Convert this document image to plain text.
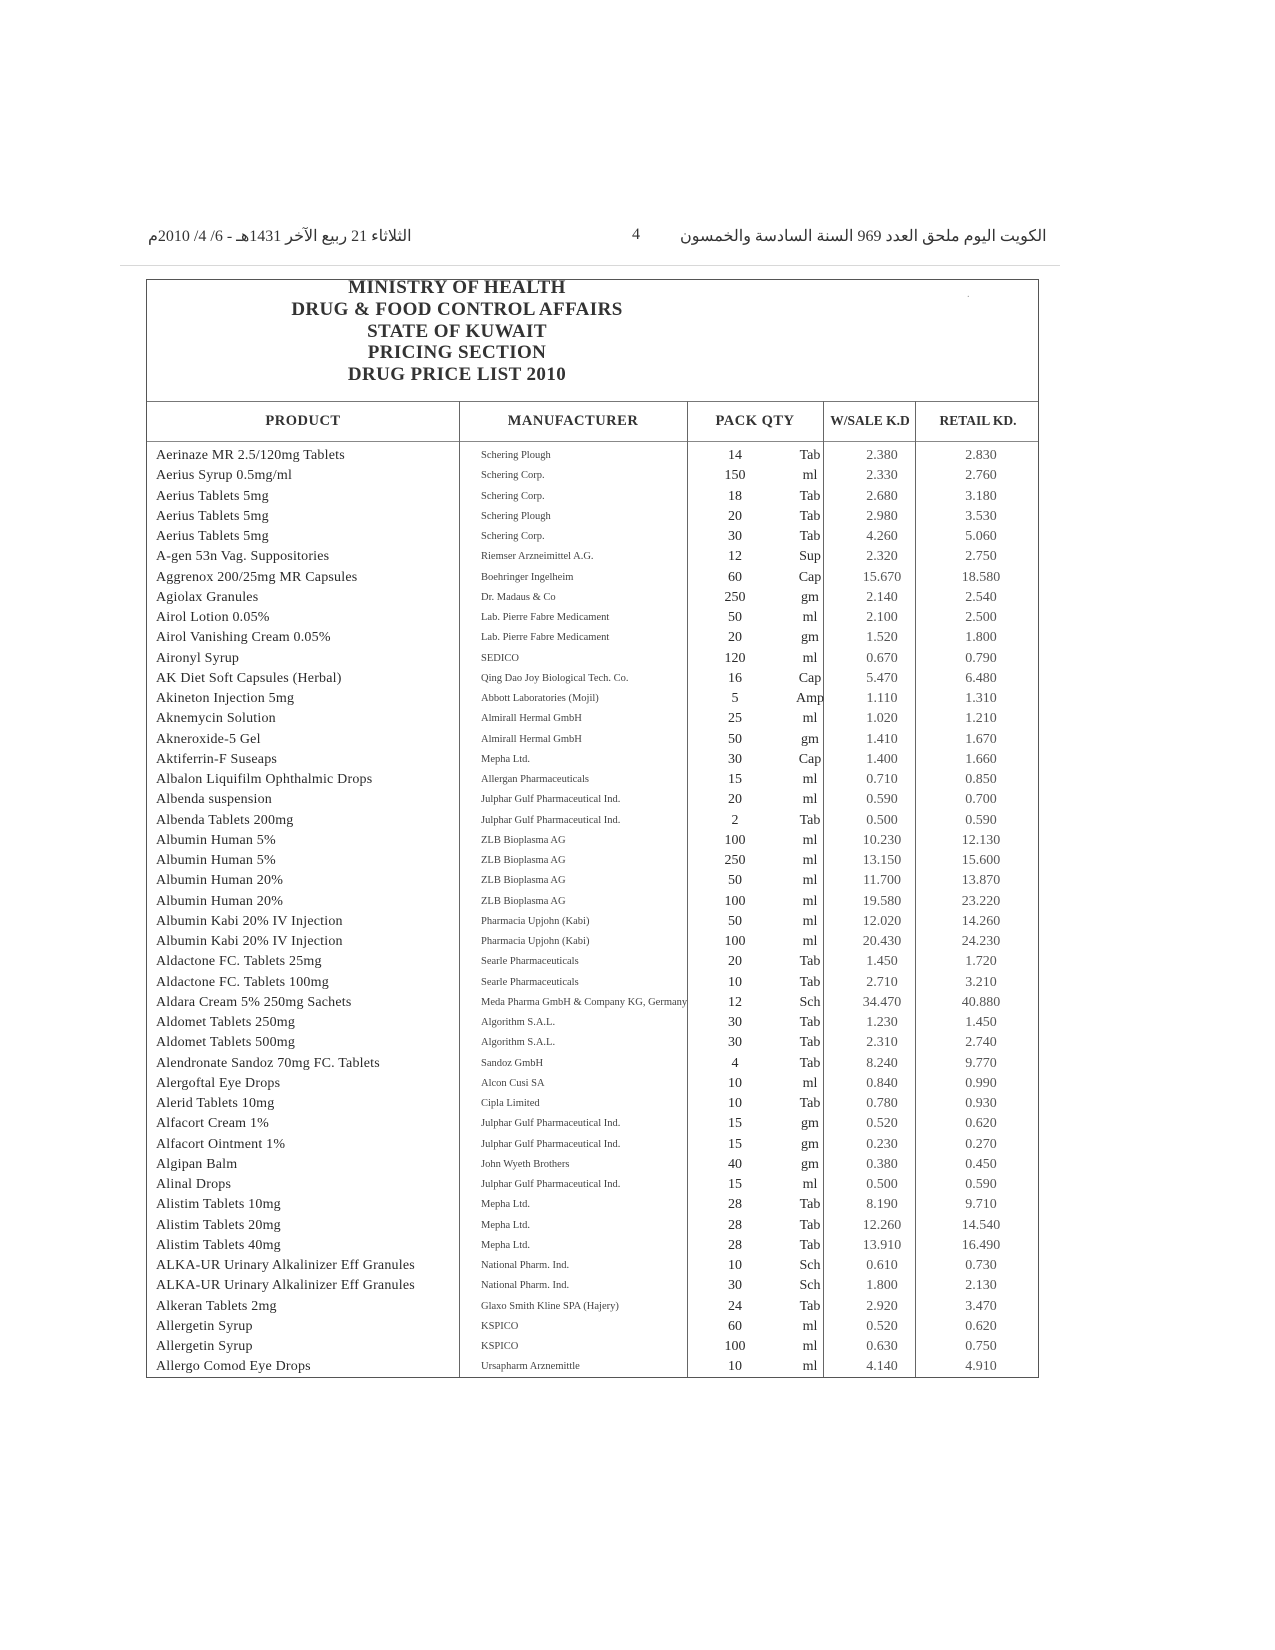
الثلاثاء 21 ربيع الآخر 1431هـ - 6/ 4/ 2010م	4	الكويت اليوم ملحق العدد 969 السنة السادسة والخمسون
MINISTRY OF HEALTH
DRUG & FOOD CONTROL AFFAIRS
STATE OF KUWAIT
PRICING SECTION
DRUG PRICE LIST 2010
·
PRODUCT	MANUFACTURER	PACK QTY	W/SALE K.D	RETAIL KD.
Aerinaze MR 2.5/120mg Tablets	Schering Plough	14	Tab	2.380	2.830
Aerius Syrup 0.5mg/ml	Schering Corp.	150	ml	2.330	2.760
Aerius Tablets 5mg	Schering Corp.	18	Tab	2.680	3.180
Aerius Tablets 5mg	Schering Plough	20	Tab	2.980	3.530
Aerius Tablets 5mg	Schering Corp.	30	Tab	4.260	5.060
A-gen 53n Vag. Suppositories	Riemser Arzneimittel A.G.	12	Sup	2.320	2.750
Aggrenox 200/25mg MR Capsules	Boehringer Ingelheim	60	Cap	15.670	18.580
Agiolax Granules	Dr. Madaus & Co	250	gm	2.140	2.540
Airol Lotion 0.05%	Lab. Pierre Fabre Medicament	50	ml	2.100	2.500
Airol Vanishing Cream 0.05%	Lab. Pierre Fabre Medicament	20	gm	1.520	1.800
Aironyl Syrup	SEDICO	120	ml	0.670	0.790
AK Diet Soft Capsules (Herbal)	Qing Dao Joy Biological Tech. Co.	16	Cap	5.470	6.480
Akineton Injection 5mg	Abbott Laboratories (Mojil)	5	Amp	1.110	1.310
Aknemycin Solution	Almirall Hermal GmbH	25	ml	1.020	1.210
Akneroxide-5 Gel	Almirall Hermal GmbH	50	gm	1.410	1.670
Aktiferrin-F Suseaps	Mepha Ltd.	30	Cap	1.400	1.660
Albalon Liquifilm Ophthalmic Drops	Allergan Pharmaceuticals	15	ml	0.710	0.850
Albenda suspension	Julphar Gulf Pharmaceutical Ind.	20	ml	0.590	0.700
Albenda Tablets 200mg	Julphar Gulf Pharmaceutical Ind.	2	Tab	0.500	0.590
Albumin Human 5%	ZLB Bioplasma AG	100	ml	10.230	12.130
Albumin Human 5%	ZLB Bioplasma AG	250	ml	13.150	15.600
Albumin Human 20%	ZLB Bioplasma AG	50	ml	11.700	13.870
Albumin Human 20%	ZLB Bioplasma AG	100	ml	19.580	23.220
Albumin Kabi 20% IV Injection	Pharmacia Upjohn (Kabi)	50	ml	12.020	14.260
Albumin Kabi 20% IV Injection	Pharmacia Upjohn (Kabi)	100	ml	20.430	24.230
Aldactone FC. Tablets 25mg	Searle Pharmaceuticals	20	Tab	1.450	1.720
Aldactone FC. Tablets 100mg	Searle Pharmaceuticals	10	Tab	2.710	3.210
Aldara Cream 5% 250mg Sachets	Meda Pharma GmbH & Company KG, Germany	12	Sch	34.470	40.880
Aldomet Tablets 250mg	Algorithm S.A.L.	30	Tab	1.230	1.450
Aldomet Tablets 500mg	Algorithm S.A.L.	30	Tab	2.310	2.740
Alendronate Sandoz 70mg FC. Tablets	Sandoz GmbH	4	Tab	8.240	9.770
Alergoftal Eye Drops	Alcon Cusi SA	10	ml	0.840	0.990
Alerid Tablets 10mg	Cipla Limited	10	Tab	0.780	0.930
Alfacort Cream 1%	Julphar Gulf Pharmaceutical Ind.	15	gm	0.520	0.620
Alfacort Ointment 1%	Julphar Gulf Pharmaceutical Ind.	15	gm	0.230	0.270
Algipan Balm	John Wyeth Brothers	40	gm	0.380	0.450
Alinal Drops	Julphar Gulf Pharmaceutical Ind.	15	ml	0.500	0.590
Alistim Tablets 10mg	Mepha Ltd.	28	Tab	8.190	9.710
Alistim Tablets 20mg	Mepha Ltd.	28	Tab	12.260	14.540
Alistim Tablets 40mg	Mepha Ltd.	28	Tab	13.910	16.490
ALKA-UR Urinary Alkalinizer Eff Granules	National Pharm. Ind.	10	Sch	0.610	0.730
ALKA-UR Urinary Alkalinizer Eff Granules	National Pharm. Ind.	30	Sch	1.800	2.130
Alkeran Tablets 2mg	Glaxo Smith Kline SPA (Hajery)	24	Tab	2.920	3.470
Allergetin Syrup	KSPICO	60	ml	0.520	0.620
Allergetin Syrup	KSPICO	100	ml	0.630	0.750
Allergo Comod Eye Drops	Ursapharm Arznemittle	10	ml	4.140	4.910
